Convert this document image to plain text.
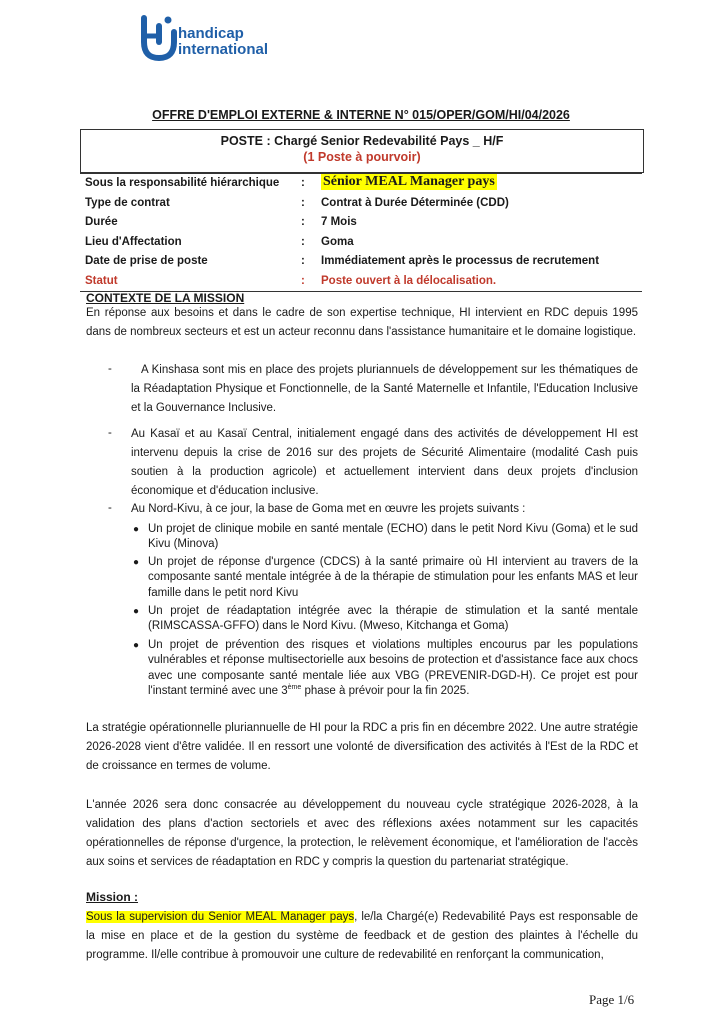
handicap
international
OFFRE D'EMPLOI EXTERNE & INTERNE N° 015/OPER/GOM/HI/04/2026
POSTE : Chargé Senior Redevabilité Pays _ H/F
(1 Poste à pourvoir)
Sous la responsabilité hiérarchique : Sénior MEAL Manager pays
Type de contrat	: Contrat à Durée Déterminée (CDD)
Durée	: 7 Mois
Lieu d'Affectation	: Goma
Date de prise de poste	: Immédiatement après le processus de recrutement
Statut	: Poste ouvert à la délocalisation.
CONTEXTE DE LA MISSION
En réponse aux besoins et dans le cadre de son expertise technique, HI intervient en RDC depuis 1995 dans de nombreux secteurs et est un acteur reconnu dans l'assistance humanitaire et le domaine logistique.
-	A Kinshasa sont mis en place des projets pluriannuels de développement sur les thématiques de la Réadaptation Physique et Fonctionnelle, de la Santé Maternelle et Infantile, l'Education Inclusive et la Gouvernance Inclusive.
- Au Kasaï et au Kasaï Central, initialement engagé dans des activités de développement HI est intervenu depuis la crise de 2016 sur des projets de Sécurité Alimentaire (modalité Cash puis soutien à la production agricole) et actuellement intervient dans deux projets d'inclusion économique et d'éducation inclusive.
- Au Nord-Kivu, à ce jour, la base de Goma met en œuvre les projets suivants :
● Un projet de clinique mobile en santé mentale (ECHO) dans le petit Nord Kivu (Goma) et le sud Kivu (Minova)
● Un projet de réponse d'urgence (CDCS) à la santé primaire où HI intervient au travers de la composante santé mentale intégrée à de la thérapie de stimulation pour les enfants MAS et leur famille dans le petit nord Kivu
● Un projet de réadaptation intégrée avec la thérapie de stimulation et la santé mentale (RIMSCASSA-GFFO) dans le Nord Kivu. (Mweso, Kitchanga et Goma)
● Un projet de prévention des risques et violations multiples encourus par les populations vulnérables et réponse multisectorielle aux besoins de protection et d'assistance face aux chocs avec une composante santé mentale liée aux VBG (PREVENIR-DGD-H). Ce projet est pour l'instant terminé avec une 3ème phase à prévoir pour la fin 2025.
La stratégie opérationnelle pluriannuelle de HI pour la RDC a pris fin en décembre 2022. Une autre stratégie 2026-2028 vient d'être validée. Il en ressort une volonté de diversification des activités à l'Est de la RDC et de croissance en termes de volume.
L'année 2026 sera donc consacrée au développement du nouveau cycle stratégique 2026-2028, à la validation des plans d'action sectoriels et avec des réflexions axées notamment sur les capacités opérationnelles de réponse d'urgence, la protection, le relèvement économique, et l'amélioration de l'accès aux soins et services de réadaptation en RDC y compris la question du partenariat stratégique.
Mission :
Sous la supervision du Senior MEAL Manager pays, le/la Chargé(e) Redevabilité Pays est responsable de la mise en place et de la gestion du système de feedback et de gestion des plaintes à l'échelle du programme. Il/elle contribue à promouvoir une culture de redevabilité en renforçant la communication,
Page 1/6
